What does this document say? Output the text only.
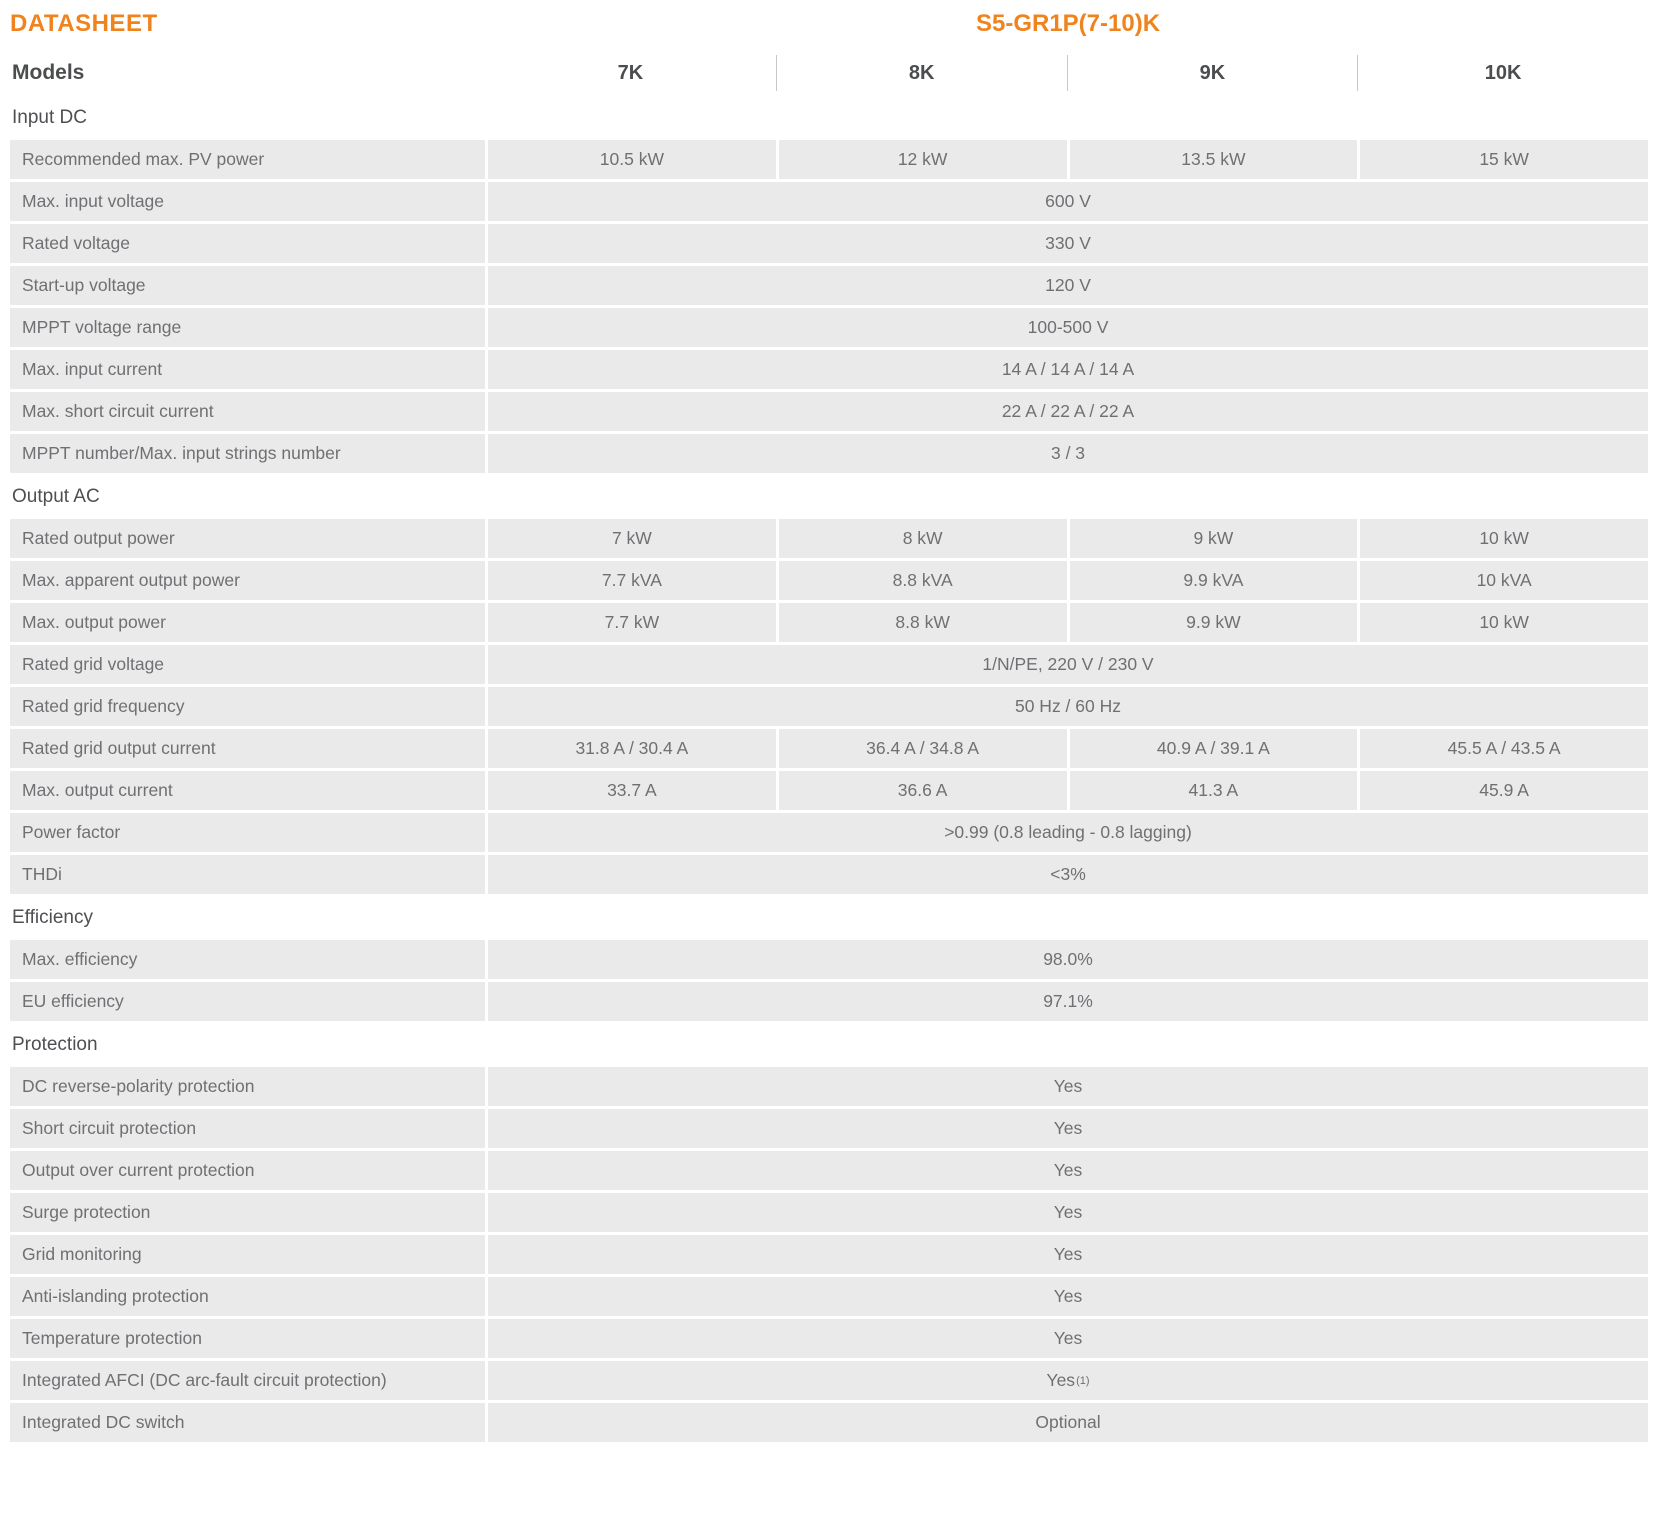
DATASHEET	S5-GR1P(7-10)K
Models	7K	8K	9K	10K
Input DC
Recommended max. PV power	10.5 kW	12 kW	13.5 kW	15 kW
Max. input voltage	600 V
Rated voltage	330 V
Start-up voltage	120 V
MPPT voltage range	100-500 V
Max. input current	14 A / 14 A / 14 A
Max. short circuit current	22 A / 22 A / 22 A
MPPT number/Max. input strings number	3 / 3
Output AC
Rated output power	7 kW	8 kW	9 kW	10 kW
Max. apparent output power	7.7 kVA	8.8 kVA	9.9 kVA	10 kVA
Max. output power	7.7 kW	8.8 kW	9.9 kW	10 kW
Rated grid voltage	1/N/PE, 220 V / 230 V
Rated grid frequency	50 Hz / 60 Hz
Rated grid output current	31.8 A / 30.4 A	36.4 A / 34.8 A	40.9 A / 39.1 A	45.5 A / 43.5 A
Max. output current	33.7 A	36.6 A	41.3 A	45.9 A
Power factor	>0.99 (0.8 leading - 0.8 lagging)
THDi	<3%
Efficiency
Max. efficiency	98.0%
EU efficiency	97.1%
Protection
DC reverse-polarity protection	Yes
Short circuit protection	Yes
Output over current protection	Yes
Surge protection	Yes
Grid monitoring	Yes
Anti-islanding protection	Yes
Temperature protection	Yes
Integrated AFCI (DC arc-fault circuit protection)	Yes (1)
Integrated DC switch	Optional
